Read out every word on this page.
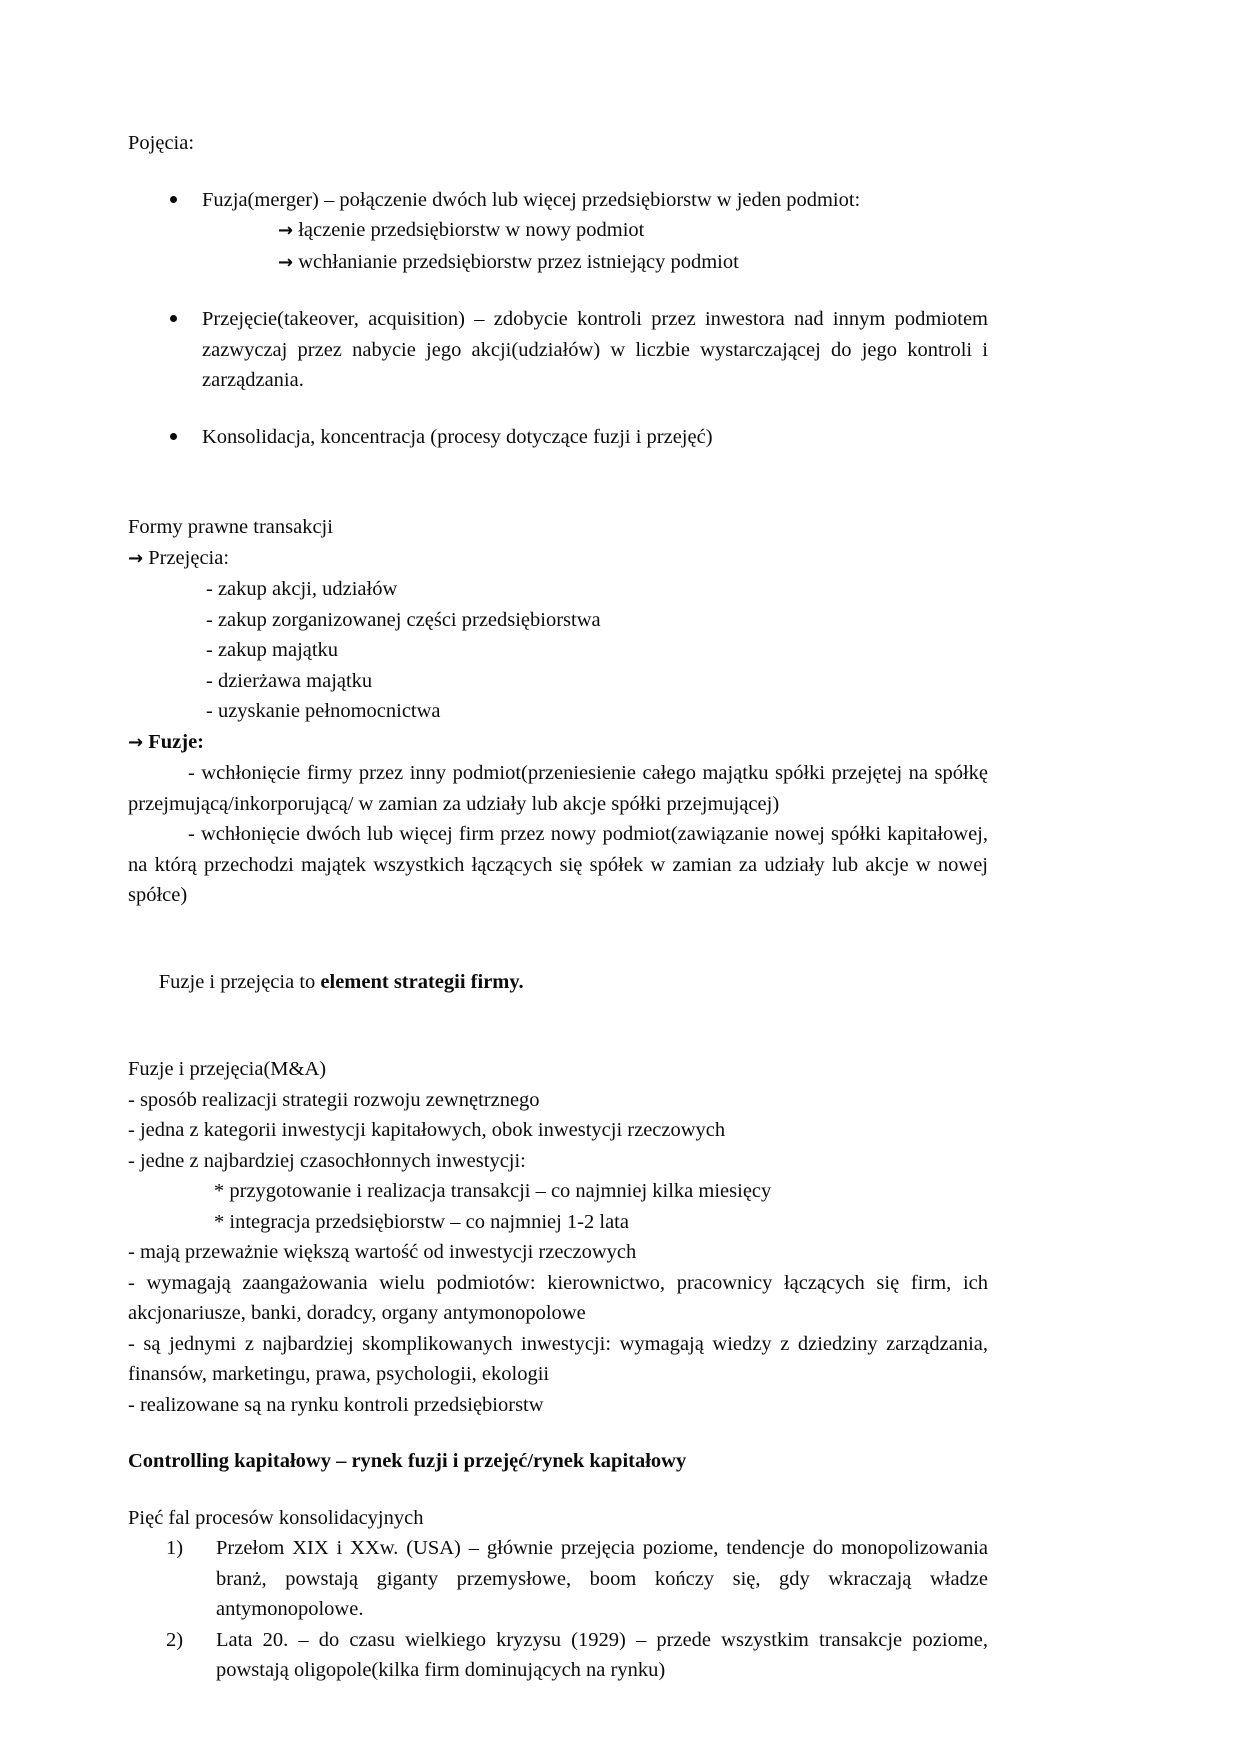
Pojęcia:
Fuzja(merger) – połączenie dwóch lub więcej przedsiębiorstw w jeden podmiot:
→ łączenie przedsiębiorstw w nowy podmiot
→ wchłanianie przedsiębiorstw przez istniejący podmiot
Przejęcie(takeover, acquisition) – zdobycie kontroli przez inwestora nad innym podmiotem zazwyczaj przez nabycie jego akcji(udziałów) w liczbie wystarczającej do jego kontroli i zarządzania.
Konsolidacja, koncentracja (procesy dotyczące fuzji i przejęć)
Formy prawne transakcji
→ Przejęcia:
- zakup akcji, udziałów
- zakup zorganizowanej części przedsiębiorstwa
- zakup majątku
- dzierżawa majątku
- uzyskanie pełnomocnictwa
→ Fuzje:
- wchłonięcie firmy przez inny podmiot(przeniesienie całego majątku spółki przejętej na spółkę przejmującą/inkorporującą/ w zamian za udziały lub akcje spółki przejmującej)
- wchłonięcie dwóch lub więcej firm przez nowy podmiot(zawiązanie nowej spółki kapitałowej, na którą przechodzi majątek wszystkich łączących się spółek w zamian za udziały lub akcje w nowej spółce)

Fuzje i przejęcia to element strategii firmy.

Fuzje i przejęcia(M&A)
- sposób realizacji strategii rozwoju zewnętrznego
- jedna z kategorii inwestycji kapitałowych, obok inwestycji rzeczowych
- jedne z najbardziej czasochłonnych inwestycji:
* przygotowanie i realizacja transakcji – co najmniej kilka miesięcy
* integracja przedsiębiorstw – co najmniej 1-2 lata
- mają przeważnie większą wartość od inwestycji rzeczowych
- wymagają zaangażowania wielu podmiotów: kierownictwo, pracownicy łączących się firm, ich akcjonariusze, banki, doradcy, organy antymonopolowe
- są jednymi z najbardziej skomplikowanych inwestycji: wymagają wiedzy z dziedziny zarządzania, finansów, marketingu, prawa, psychologii, ekologii
- realizowane są na rynku kontroli przedsiębiorstw
Controlling kapitałowy – rynek fuzji i przejęć/rynek kapitałowy
Pięć fal procesów konsolidacyjnych
1)	Przełom XIX i XXw. (USA) – głównie przejęcia poziome, tendencje do monopolizowania branż, powstają giganty przemysłowe, boom kończy się, gdy wkraczają władze antymonopolowe.
2)	Lata 20. – do czasu wielkiego kryzysu (1929) – przede wszystkim transakcje poziome, powstają oligopole(kilka firm dominujących na rynku)
